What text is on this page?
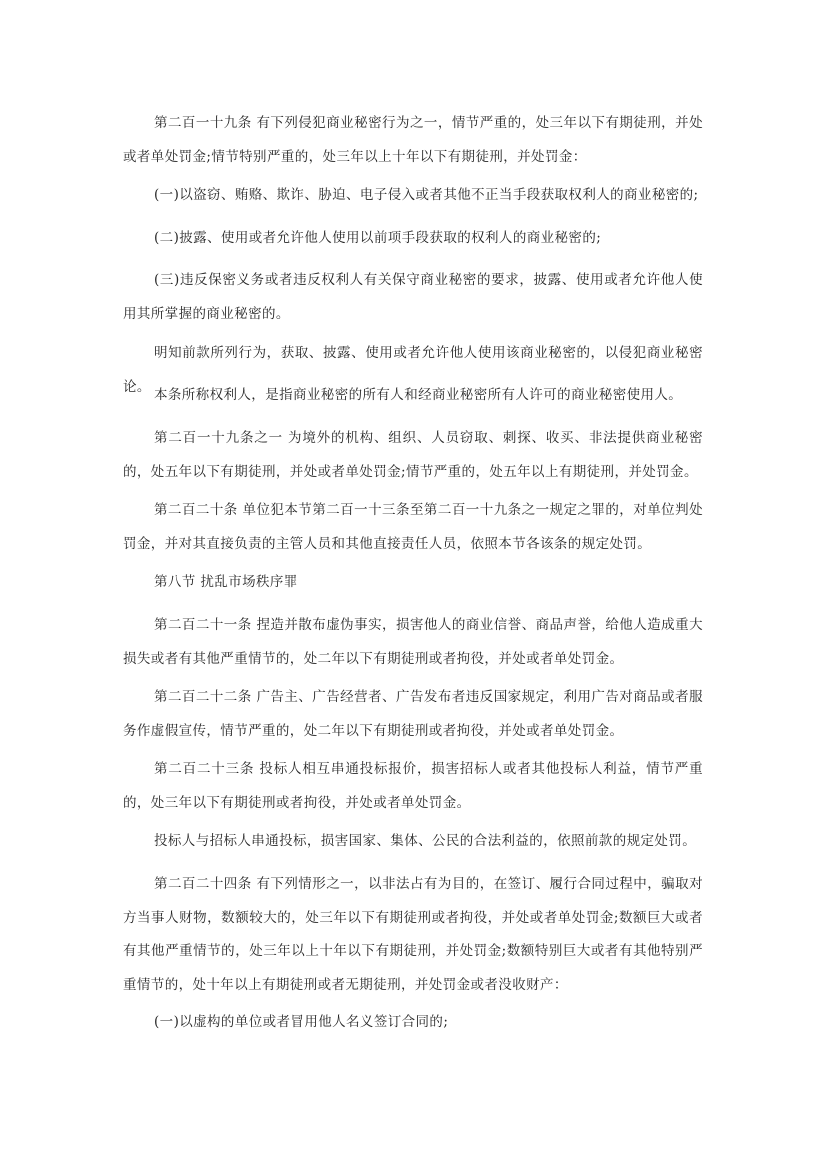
第二百一十九条 有下列侵犯商业秘密行为之一，情节严重的，处三年以下有期徒刑，并处或者单处罚金;情节特别严重的，处三年以上十年以下有期徒刑，并处罚金：

(一)以盗窃、贿赂、欺诈、胁迫、电子侵入或者其他不正当手段获取权利人的商业秘密的;

(二)披露、使用或者允许他人使用以前项手段获取的权利人的商业秘密的;

(三)违反保密义务或者违反权利人有关保守商业秘密的要求，披露、使用或者允许他人使用其所掌握的商业秘密的。

明知前款所列行为，获取、披露、使用或者允许他人使用该商业秘密的，以侵犯商业秘密论。

本条所称权利人，是指商业秘密的所有人和经商业秘密所有人许可的商业秘密使用人。

第二百一十九条之一 为境外的机构、组织、人员窃取、刺探、收买、非法提供商业秘密的，处五年以下有期徒刑，并处或者单处罚金;情节严重的，处五年以上有期徒刑，并处罚金。

第二百二十条 单位犯本节第二百一十三条至第二百一十九条之一规定之罪的，对单位判处罚金，并对其直接负责的主管人员和其他直接责任人员，依照本节各该条的规定处罚。

第八节 扰乱市场秩序罪

第二百二十一条 捏造并散布虚伪事实，损害他人的商业信誉、商品声誉，给他人造成重大损失或者有其他严重情节的，处二年以下有期徒刑或者拘役，并处或者单处罚金。

第二百二十二条 广告主、广告经营者、广告发布者违反国家规定，利用广告对商品或者服务作虚假宣传，情节严重的，处二年以下有期徒刑或者拘役，并处或者单处罚金。

第二百二十三条 投标人相互串通投标报价，损害招标人或者其他投标人利益，情节严重的，处三年以下有期徒刑或者拘役，并处或者单处罚金。

投标人与招标人串通投标，损害国家、集体、公民的合法利益的，依照前款的规定处罚。

第二百二十四条 有下列情形之一，以非法占有为目的，在签订、履行合同过程中，骗取对方当事人财物，数额较大的，处三年以下有期徒刑或者拘役，并处或者单处罚金;数额巨大或者有其他严重情节的，处三年以上十年以下有期徒刑，并处罚金;数额特别巨大或者有其他特别严重情节的，处十年以上有期徒刑或者无期徒刑，并处罚金或者没收财产：

(一)以虚构的单位或者冒用他人名义签订合同的;
